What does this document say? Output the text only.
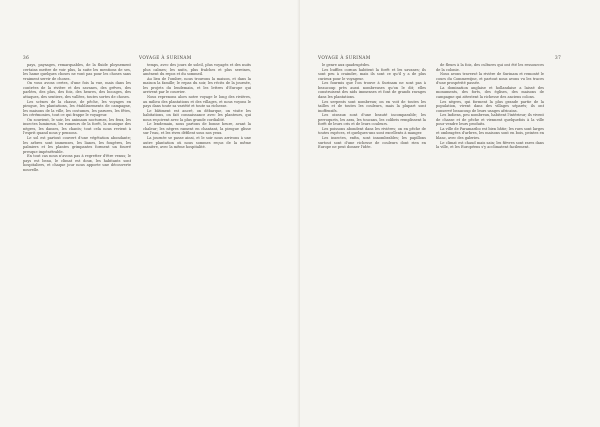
36	VOYAGE À SURINAM

pays, paysages, remarquables, de la fluide ploynement certains mettre de voir plus, la suite les mentions de ses, les hame quelques choses ne vont pas pour les choses sans vraiment servir de choses.

On vous avons certes, d'une fois la vue, mais dans les contrées de la rivière et des savanes, des grêves, des parlées, des plus, des fois, des heures, des bocages, des attaques, des sentiers, des vallées, toutes sortes de choses.

Les scènes de la chasse, de pêche, les voyages en pirogue, les plantations, les établissements de campagne, les maisons de la ville, les costumes, les parures, les fêtes, les cérémonies, tout ce qui frappe le voyageur.

On souvient, le soir, les animaux nocturnes, les feux, les insectes lumineux, les rumeurs de la forêt, la musique des nègres, les danses, les chants; tout cela nous revient à l'esprit quand nous y pensons.

Le sol est partout couvert d'une végétation abondante; les arbres sont immenses, les lianes, les fougères, les palmiers et les plantes grimpantes forment un fourré presque impénétrable.

En tout cas nous n'avons pas à regretter d'être venus; le pays est beau, le climat est doux, les habitants sont hospitaliers, et chaque jour nous apporte une découverte nouvelle.

temps, avec des jours de soleil, plus voyagés et des nuits plus calmes; les nuits, plus fraîches et plus sereines, amènent du repos et du sommeil.

Au lieu de l'ombre, nous trouvons la maison, et dans la maison la famille; le repas du soir, les récits de la journée, les projets du lendemain, et les lettres d'Europe qui arrivent par le courrier.

Nous reprenons alors notre voyage le long des rivières, au milieu des plantations et des villages, et nous voyons le pays dans toute sa variété et toute sa richesse.

Le bâtiment est ancré, on débarque, on visite les habitations, on fait connaissance avec les planteurs, qui nous reçoivent avec la plus grande cordialité.

Le lendemain, nous partons de bonne heure, avant la chaleur; les nègres rament en chantant, la pirogue glisse sur l'eau, et les rives défilent sous nos yeux.

La journée se passe ainsi, et le soir nous arrivons à une autre plantation où nous sommes reçus de la même manière, avec la même hospitalité.

VOYAGE À SURINAM	37

le genre aux quadrupèdes.

Les buffles cornus habitent la forêt et les savanes; ils sont peu à craindre, mais ils sont ce qu'il y a de plus curieux pour le voyageur.

Les fourmis que l'on trouve à Surinam ne sont pas à beaucoup près aussi nombreuses qu'on le dit; elles construisent des nids immenses et font de grands ravages dans les plantations.

Les serpents sont nombreux; on en voit de toutes les tailles et de toutes les couleurs, mais la plupart sont inoffensifs.

Les oiseaux sont d'une beauté incomparable; les perroquets, les aras, les toucans, les colibris remplissent la forêt de leurs cris et de leurs couleurs.

Les poissons abondent dans les rivières; on en pêche de toutes espèces, et quelques-uns sont excellents à manger.

Les insectes, enfin, sont innombrables; les papillons surtout sont d'une richesse de couleurs dont rien en Europe ne peut donner l'idée.

de fleurs à la fois, des cultures qui ont été les ressources de la colonie.

Nous avons traversé la rivière de Surinam et remonté le cours du Commewijne, et partout nous avons vu les traces d'une prospérité passée.

La domination anglaise et hollandaise a laissé des monuments, des forts, des églises, des maisons de campagne qui attestent la richesse des anciens colons.

Les nègres, qui forment la plus grande partie de la population, vivent dans des villages séparés; ils ont conservé beaucoup de leurs usages africains.

Les Indiens, peu nombreux, habitent l'intérieur; ils vivent de chasse et de pêche et viennent quelquefois à la ville pour vendre leurs produits.

La ville de Paramaribo est bien bâtie; les rues sont larges et ombragées d'arbres, les maisons sont en bois, peintes en blanc, avec des galeries.

Le climat est chaud mais sain; les fièvres sont rares dans la ville, et les Européens s'y acclimatent facilement.
